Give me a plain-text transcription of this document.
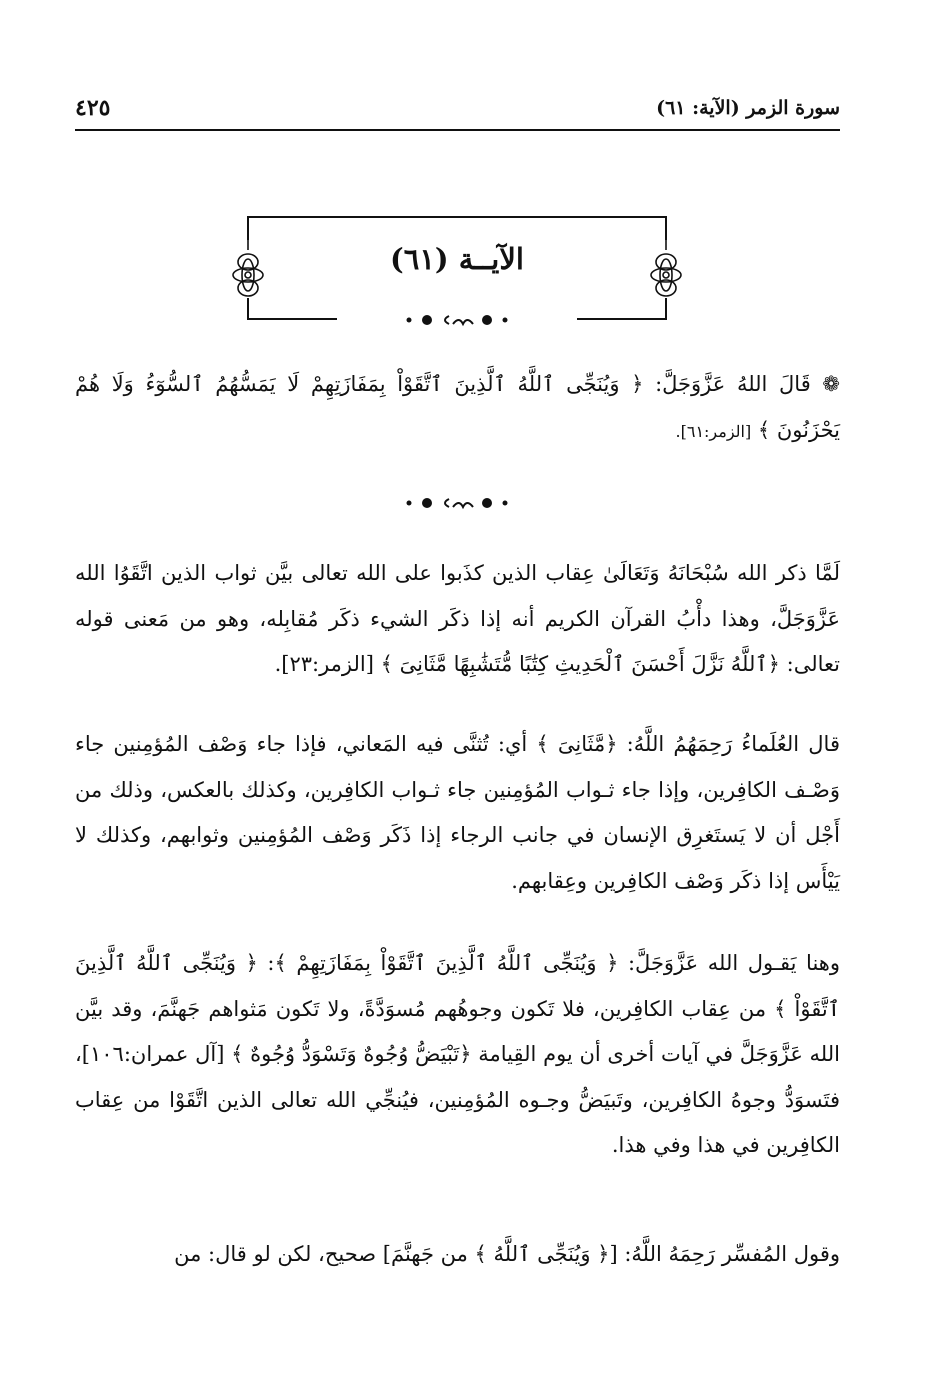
سورة الزمر (الآية: ٦١)
٤٢٥
الآيــة (٦١)

❁ قَالَ اللهُ عَزَّوَجَلَّ: ﴿ وَيُنَجِّى ٱللَّهُ ٱلَّذِينَ ٱتَّقَوْاْ بِمَفَازَتِهِمْ لَا يَمَسُّهُمُ ٱلسُّوٓءُ وَلَا هُمْ يَحْزَنُونَ ﴾ [الزمر:٦١].

لَمَّا ذكر الله سُبْحَانَهُ وَتَعَالَىٰ عِقاب الذين كذَبوا على الله تعالى بيَّن ثواب الذين اتَّقَوُا الله عَزَّوَجَلَّ، وهذا دأْبُ القرآن الكريم أنه إذا ذكَر الشيء ذكَر مُقابِله، وهو من مَعنى قوله تعالى: ﴿ٱللَّهُ نَزَّلَ أَحْسَنَ ٱلْحَدِيثِ كِتَٰبًا مُّتَشَٰبِهًا مَّثَانِىَ ﴾ [الزمر:٢٣].

قال العُلَماءُ رَحِمَهُمُ اللَّهُ: ﴿مَّثَانِىَ ﴾ أي: تُثنَّى فيه المَعاني، فإذا جاء وَصْف المُؤمِنين جاء وَصْـف الكافِرين، وإذا جاء ثـواب المُؤمِنين جاء ثـواب الكافِرين، وكذلك بالعكس، وذلك من أَجْل أن لا يَستَغرِق الإنسان في جانب الرجاء إذا ذَكَر وَصْف المُؤمِنين وثوابهم، وكذلك لا يَيْأَس إذا ذكَر وَصْف الكافِرين وعِقابهم.

وهنا يَقـول الله عَزَّوَجَلَّ: ﴿ وَيُنَجِّى ٱللَّهُ ٱلَّذِينَ ٱتَّقَوْاْ بِمَفَازَتِهِمْ ﴾: ﴿ وَيُنَجِّى ٱللَّهُ ٱلَّذِينَ ٱتَّقَوْاْ ﴾ من عِقاب الكافِرين، فلا تَكون وجوهُهم مُسوَدَّةً، ولا تَكون مَثواهم جَهنَّمَ، وقد بيَّن الله عَزَّوَجَلَّ في آيات أخرى أن يوم القِيامة ﴿تَبْيَضُّ وُجُوهٌ وَتَسْوَدُّ وُجُوهٌ ﴾ [آل عمران:١٠٦]، فتَسوَدُّ وجوهُ الكافِرين، وتَبيَضُّ وجـوه المُؤمِنين، فيُنجِّي الله تعالى الذين اتَّقَوْا من عِقاب الكافِرين في هذا وفي هذا.

وقول المُفسِّر رَحِمَهُ اللَّهُ: [﴿ وَيُنَجِّى ٱللَّهُ ﴾ من جَهنَّمَ] صحيح، لكن لو قال: من
